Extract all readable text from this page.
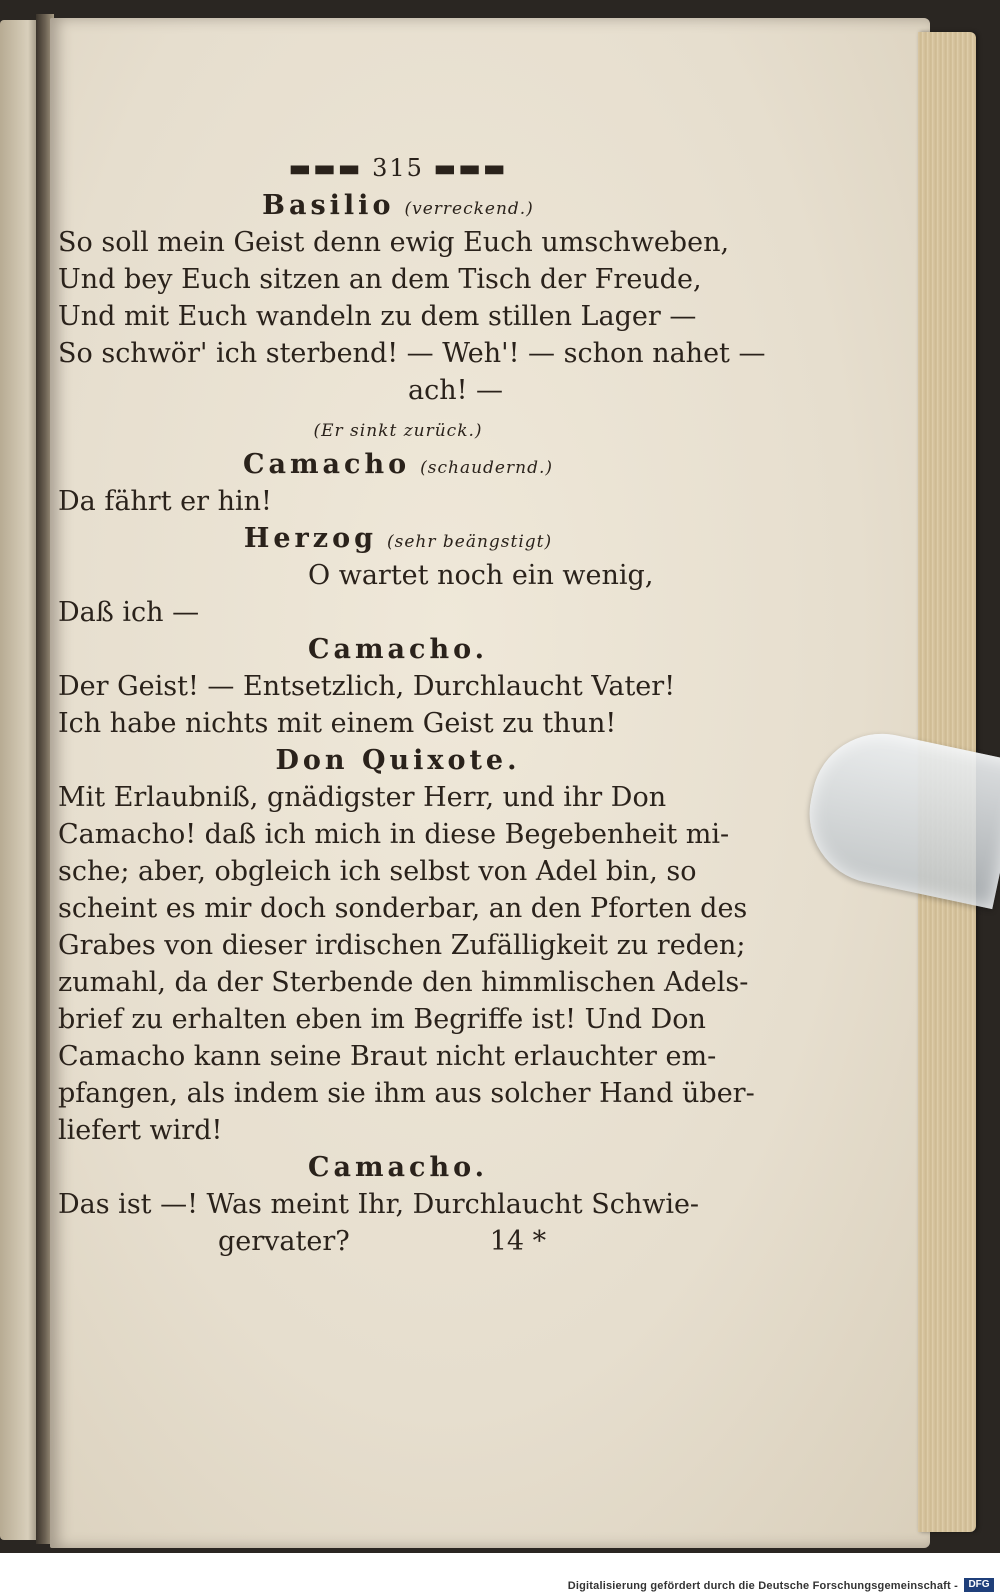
▬▬▬ 315 ▬▬▬
Basilio (verreckend.)
So soll mein Geist denn ewig Euch umschweben,
Und bey Euch sitzen an dem Tisch der Freude,
Und mit Euch wandeln zu dem stillen Lager —
So schwör' ich sterbend! — Weh'! — schon nahet —
ach! —
(Er sinkt zurück.)
Camacho (schaudernd.)
Da fährt er hin!
Herzog (sehr beängstigt)
O wartet noch ein wenig,
Daß ich —
Camacho.
Der Geist! — Entsetzlich, Durchlaucht Vater!
Ich habe nichts mit einem Geist zu thun!
Don Quixote.
Mit Erlaubniß, gnädigster Herr, und ihr Don
Camacho! daß ich mich in diese Begebenheit mi-
sche; aber, obgleich ich selbst von Adel bin, so
scheint es mir doch sonderbar, an den Pforten des
Grabes von dieser irdischen Zufälligkeit zu reden;
zumahl, da der Sterbende den himmlischen Adels-
brief zu erhalten eben im Begriffe ist! Und Don
Camacho kann seine Braut nicht erlauchter em-
pfangen, als indem sie ihm aus solcher Hand über-
liefert wird!
Camacho.
Das ist —! Was meint Ihr, Durchlaucht Schwie-
gervater?	14 *
Digitalisierung gefördert durch die Deutsche Forschungsgemeinschaft -	DFG
